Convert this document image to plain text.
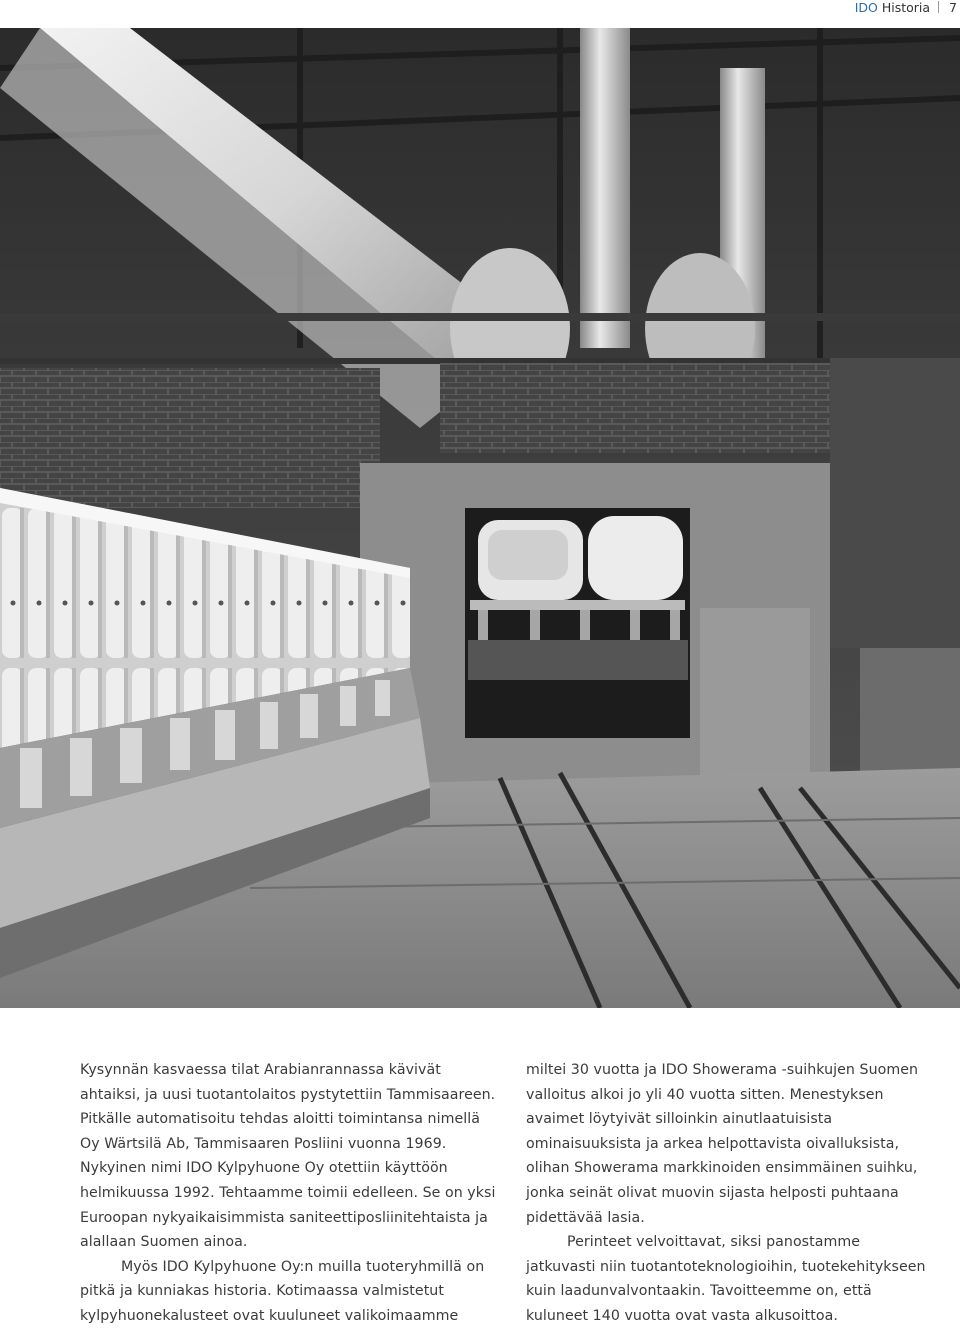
IDO Historia 7

Kysynnän kasvaessa tilat Arabianrannassa kävivät ahtaiksi, ja uusi tuotantolaitos pystytettiin Tammisaareen. Pitkälle automatisoitu tehdas aloitti toimintansa nimellä Oy Wärtsilä Ab, Tammisaaren Posliini vuonna 1969. Nykyinen nimi IDO Kylpyhuone Oy otettiin käyttöön helmikuussa 1992. Tehtaamme toimii edelleen. Se on yksi Euroopan nykyaikaisimmista saniteettiposliinitehtaista ja alallaan Suomen ainoa.

Myös IDO Kylpyhuone Oy:n muilla tuoteryhmillä on pitkä ja kunniakas historia. Kotimaassa valmistetut kylpyhuonekalusteet ovat kuuluneet valikoimaamme

miltei 30 vuotta ja IDO Showerama -suihkujen Suomen valloitus alkoi jo yli 40 vuotta sitten. Menestyksen avaimet löytyivät silloinkin ainutlaatuisista ominaisuuksista ja arkea helpottavista oivalluksista, olihan Showerama markkinoiden ensimmäinen suihku, jonka seinät olivat muovin sijasta helposti puhtaana pidettävää lasia.

Perinteet velvoittavat, siksi panostamme jatkuvasti niin tuotantoteknologioihin, tuotekehitykseen kuin laadunvalvontaakin. Tavoitteemme on, että kuluneet 140 vuotta ovat vasta alkusoittoa.
